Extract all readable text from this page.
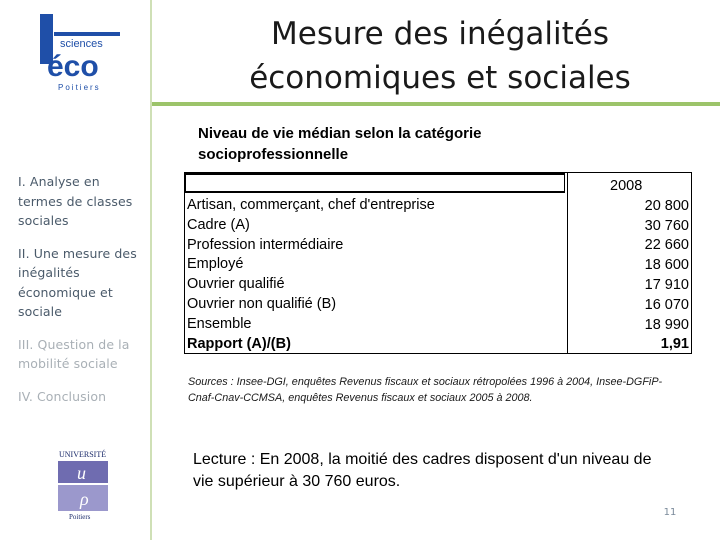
sciences
éco
Poitiers
I. Analyse en termes de classes sociales
II. Une mesure des inégalités économique et sociale
III. Question de la mobilité sociale
IV. Conclusion
UNIVERSITÉ
u
ρ
Poitiers
Mesure des inégalités
économiques et sociales
Niveau de vie médian selon la catégorie
socioprofessionnelle
Artisan, commerçant, chef d'entreprise
Cadre (A)
Profession intermédiaire
Employé
Ouvrier qualifié
Ouvrier non qualifié (B)
Ensemble
Rapport (A)/(B)
2008
20 800
30 760
22 660
18 600
17 910
16 070
18 990
1,91
Sources : Insee-DGI, enquêtes Revenus fiscaux et sociaux rétropolées 1996 à 2004, Insee-DGFiP-Cnaf-Cnav-CCMSA, enquêtes Revenus fiscaux et sociaux 2005 à 2008.
Lecture : En 2008, la moitié des cadres disposent d'un niveau de vie supérieur à 30 760 euros.
11
